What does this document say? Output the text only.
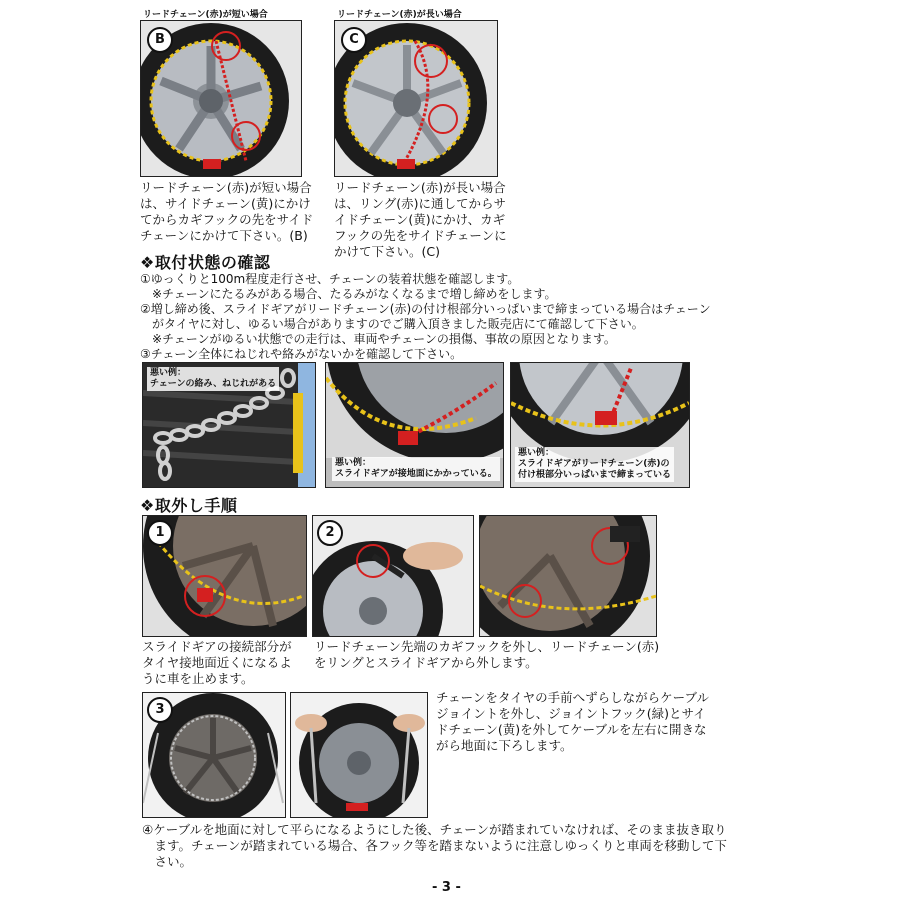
リードチェーン(赤)が短い場合
B
リードチェーン(赤)が長い場合
C
リードチェーン(赤)が短い場合
は、サイドチェーン(黄)にかけ
てからカギフックの先をサイド
チェーンにかけて下さい。(B)
リードチェーン(赤)が長い場合
は、リング(赤)に通してからサ
イドチェーン(黄)にかけ、カギ
フックの先をサイドチェーンに
かけて下さい。(C)
❖取付状態の確認
①ゆっくりと100m程度走行させ、チェーンの装着状態を確認します。
　※チェーンにたるみがある場合、たるみがなくなるまで増し締めをします。
②増し締め後、スライドギアがリードチェーン(赤)の付け根部分いっぱいまで締まっている場合はチェーン
　がタイヤに対し、ゆるい場合がありますのでご購入頂きました販売店にて確認して下さい。
　※チェーンがゆるい状態での走行は、車両やチェーンの損傷、事故の原因となります。
③チェーン全体にねじれや絡みがないかを確認して下さい。
悪い例：
チェーンの絡み、ねじれがある
悪い例：
スライドギアが接地面にかかっている。
悪い例：
スライドギアがリードチェーン(赤)の
付け根部分いっぱいまで締まっている
❖取外し手順
1	2
スライドギアの接続部分が
タイヤ接地面近くになるよ
うに車を止めます。
リードチェーン先端のカギフックを外し、リードチェーン(赤)
をリングとスライドギアから外します。
3
チェーンをタイヤの手前へずらしながらケーブル
ジョイントを外し、ジョイントフック(緑)とサイ
ドチェーン(黄)を外してケーブルを左右に開きな
がら地面に下ろします。
④ケーブルを地面に対して平らになるようにした後、チェーンが踏まれていなければ、そのまま抜き取り
　ます。チェーンが踏まれている場合、各フック等を踏まないように注意しゆっくりと車両を移動して下
　さい。
- 3 -
